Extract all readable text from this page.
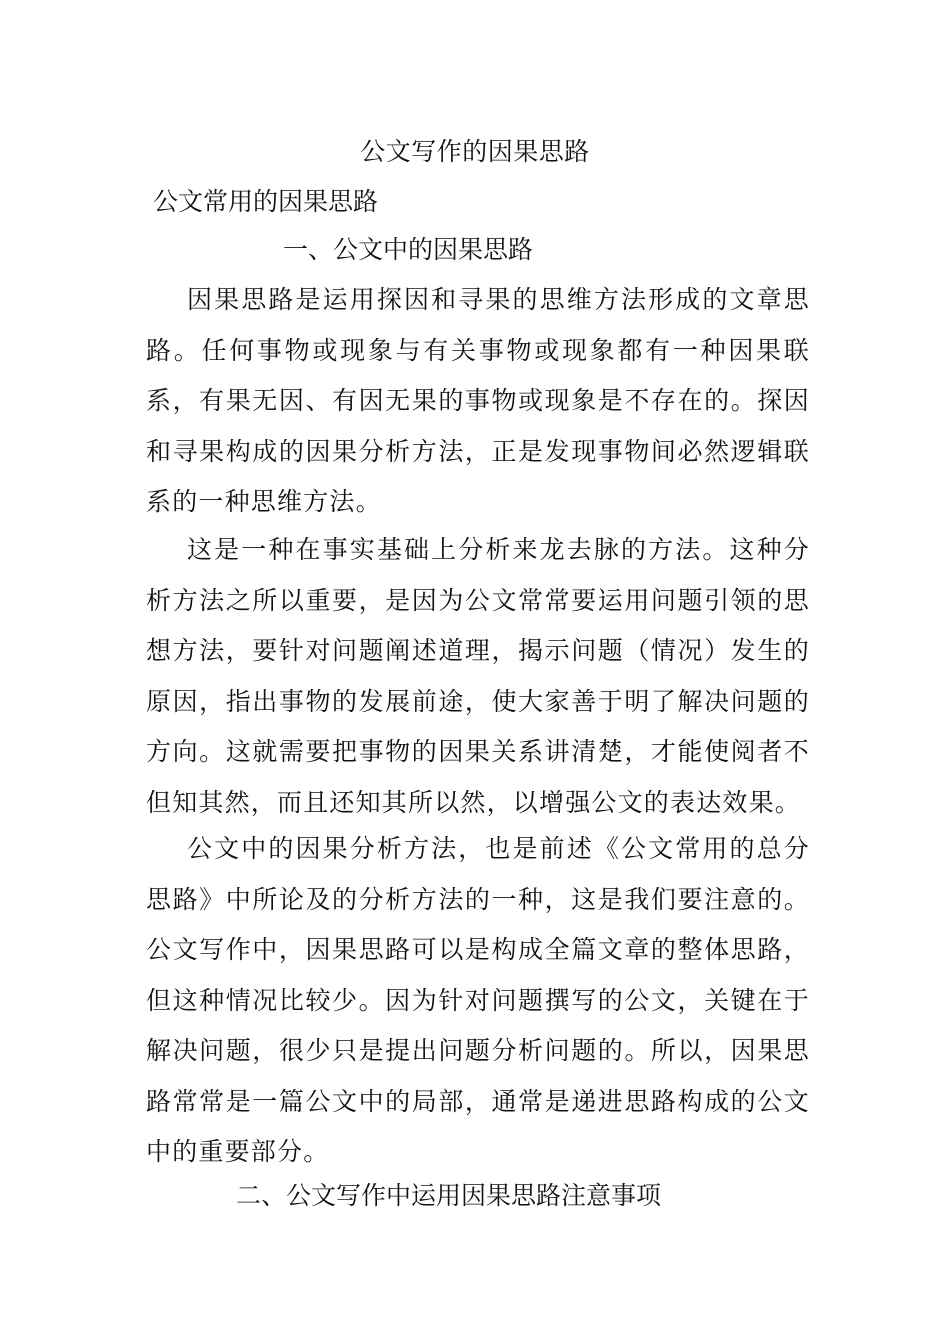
公文写作的因果思路
公文常用的因果思路
一、公文中的因果思路

因果思路是运用探因和寻果的思维方法形成的文章思路。任何事物或现象与有关事物或现象都有一种因果联系，有果无因、有因无果的事物或现象是不存在的。探因和寻果构成的因果分析方法，正是发现事物间必然逻辑联系的一种思维方法。

这是一种在事实基础上分析来龙去脉的方法。这种分析方法之所以重要，是因为公文常常要运用问题引领的思想方法，要针对问题阐述道理，揭示问题（情况）发生的原因，指出事物的发展前途，使大家善于明了解决问题的方向。这就需要把事物的因果关系讲清楚，才能使阅者不但知其然，而且还知其所以然，以增强公文的表达效果。

公文中的因果分析方法，也是前述《公文常用的总分思路》中所论及的分析方法的一种，这是我们要注意的。公文写作中，因果思路可以是构成全篇文章的整体思路，但这种情况比较少。因为针对问题撰写的公文，关键在于解决问题，很少只是提出问题分析问题的。所以，因果思路常常是一篇公文中的局部，通常是递进思路构成的公文中的重要部分。

二、公文写作中运用因果思路注意事项
